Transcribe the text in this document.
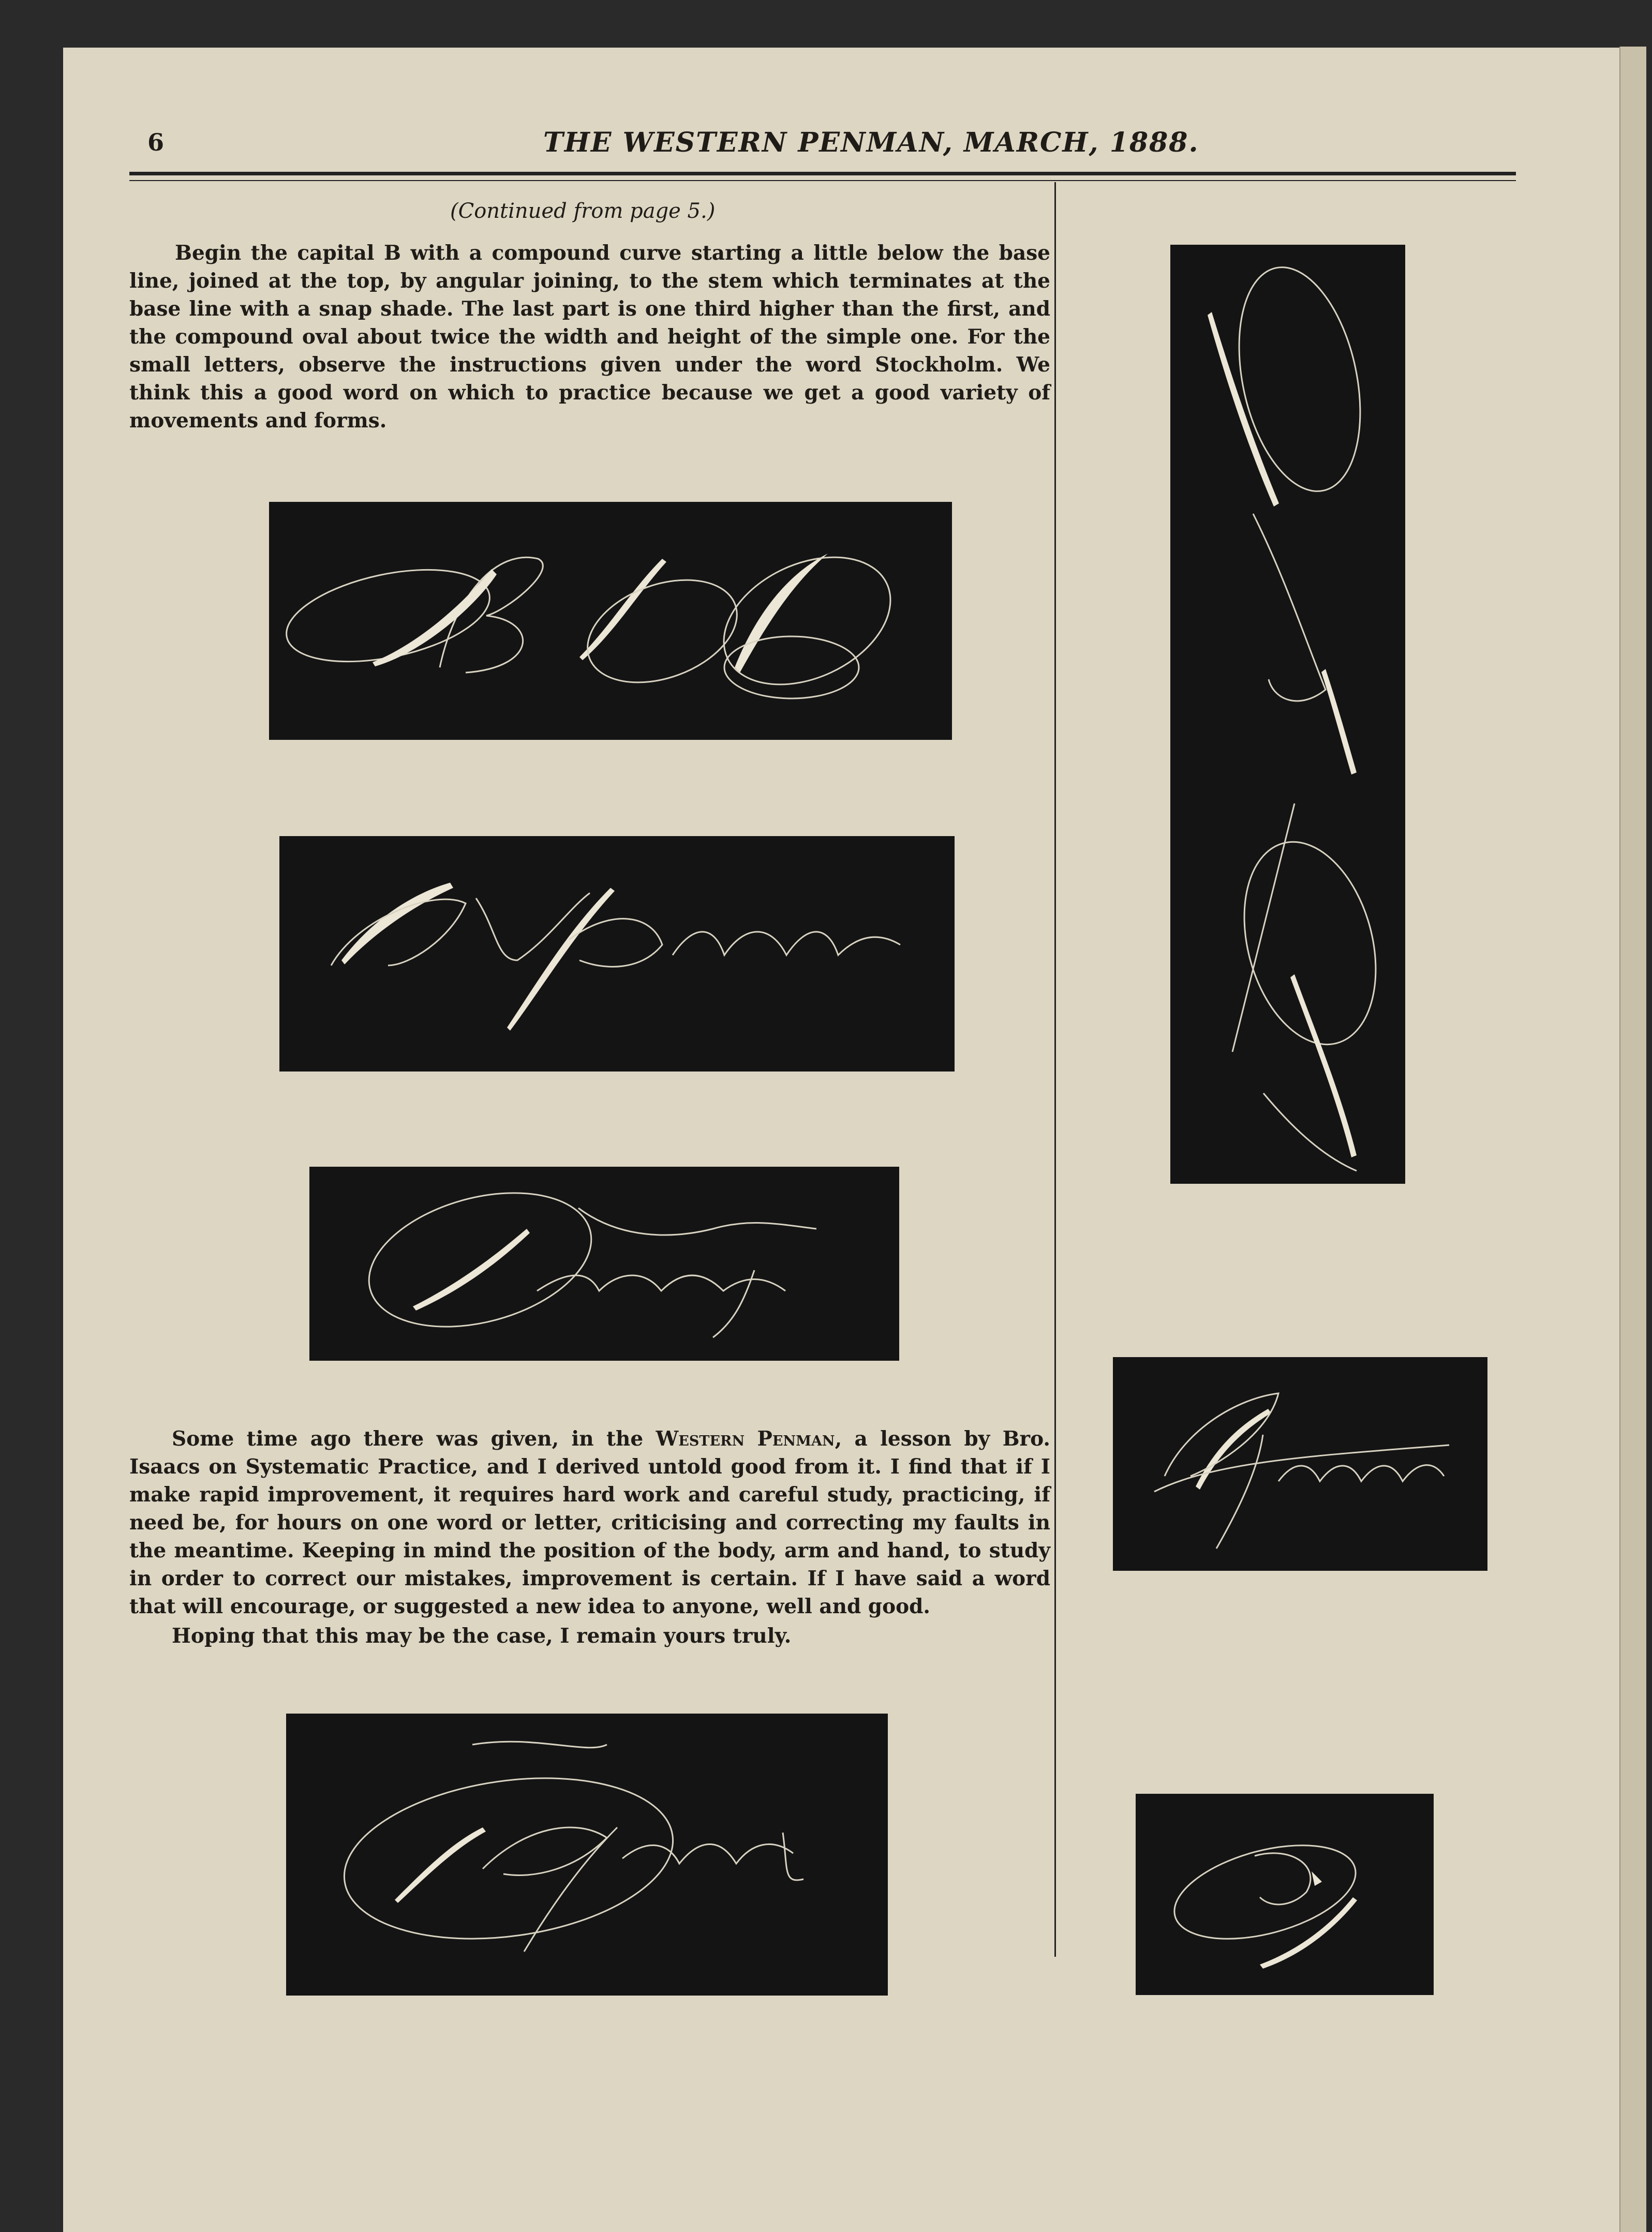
6	THE WESTERN PENMAN, MARCH, 1888.
(Continued from page 5.)
Begin the capital B with a compound curve starting a little below the base line, joined at the top, by angular joining, to the stem which terminates at the base line with a snap shade. The last part is one third higher than the first, and the compound oval about twice the width and height of the simple one. For the small letters, observe the instructions given under the word Stockholm. We think this a good word on which to practice because we get a good variety of movements and forms.
Some time ago there was given, in the Western Penman, a lesson by Bro. Isaacs on Systematic Practice, and I derived untold good from it. I find that if I make rapid improvement, it requires hard work and careful study, practicing, if need be, for hours on one word or letter, criticising and correcting my faults in the meantime. Keeping in mind the position of the body, arm and hand, to study in order to correct our mistakes, improvement is certain. If I have said a word that will encourage, or suggested a new idea to anyone, well and good.
Hoping that this may be the case, I remain yours truly.
